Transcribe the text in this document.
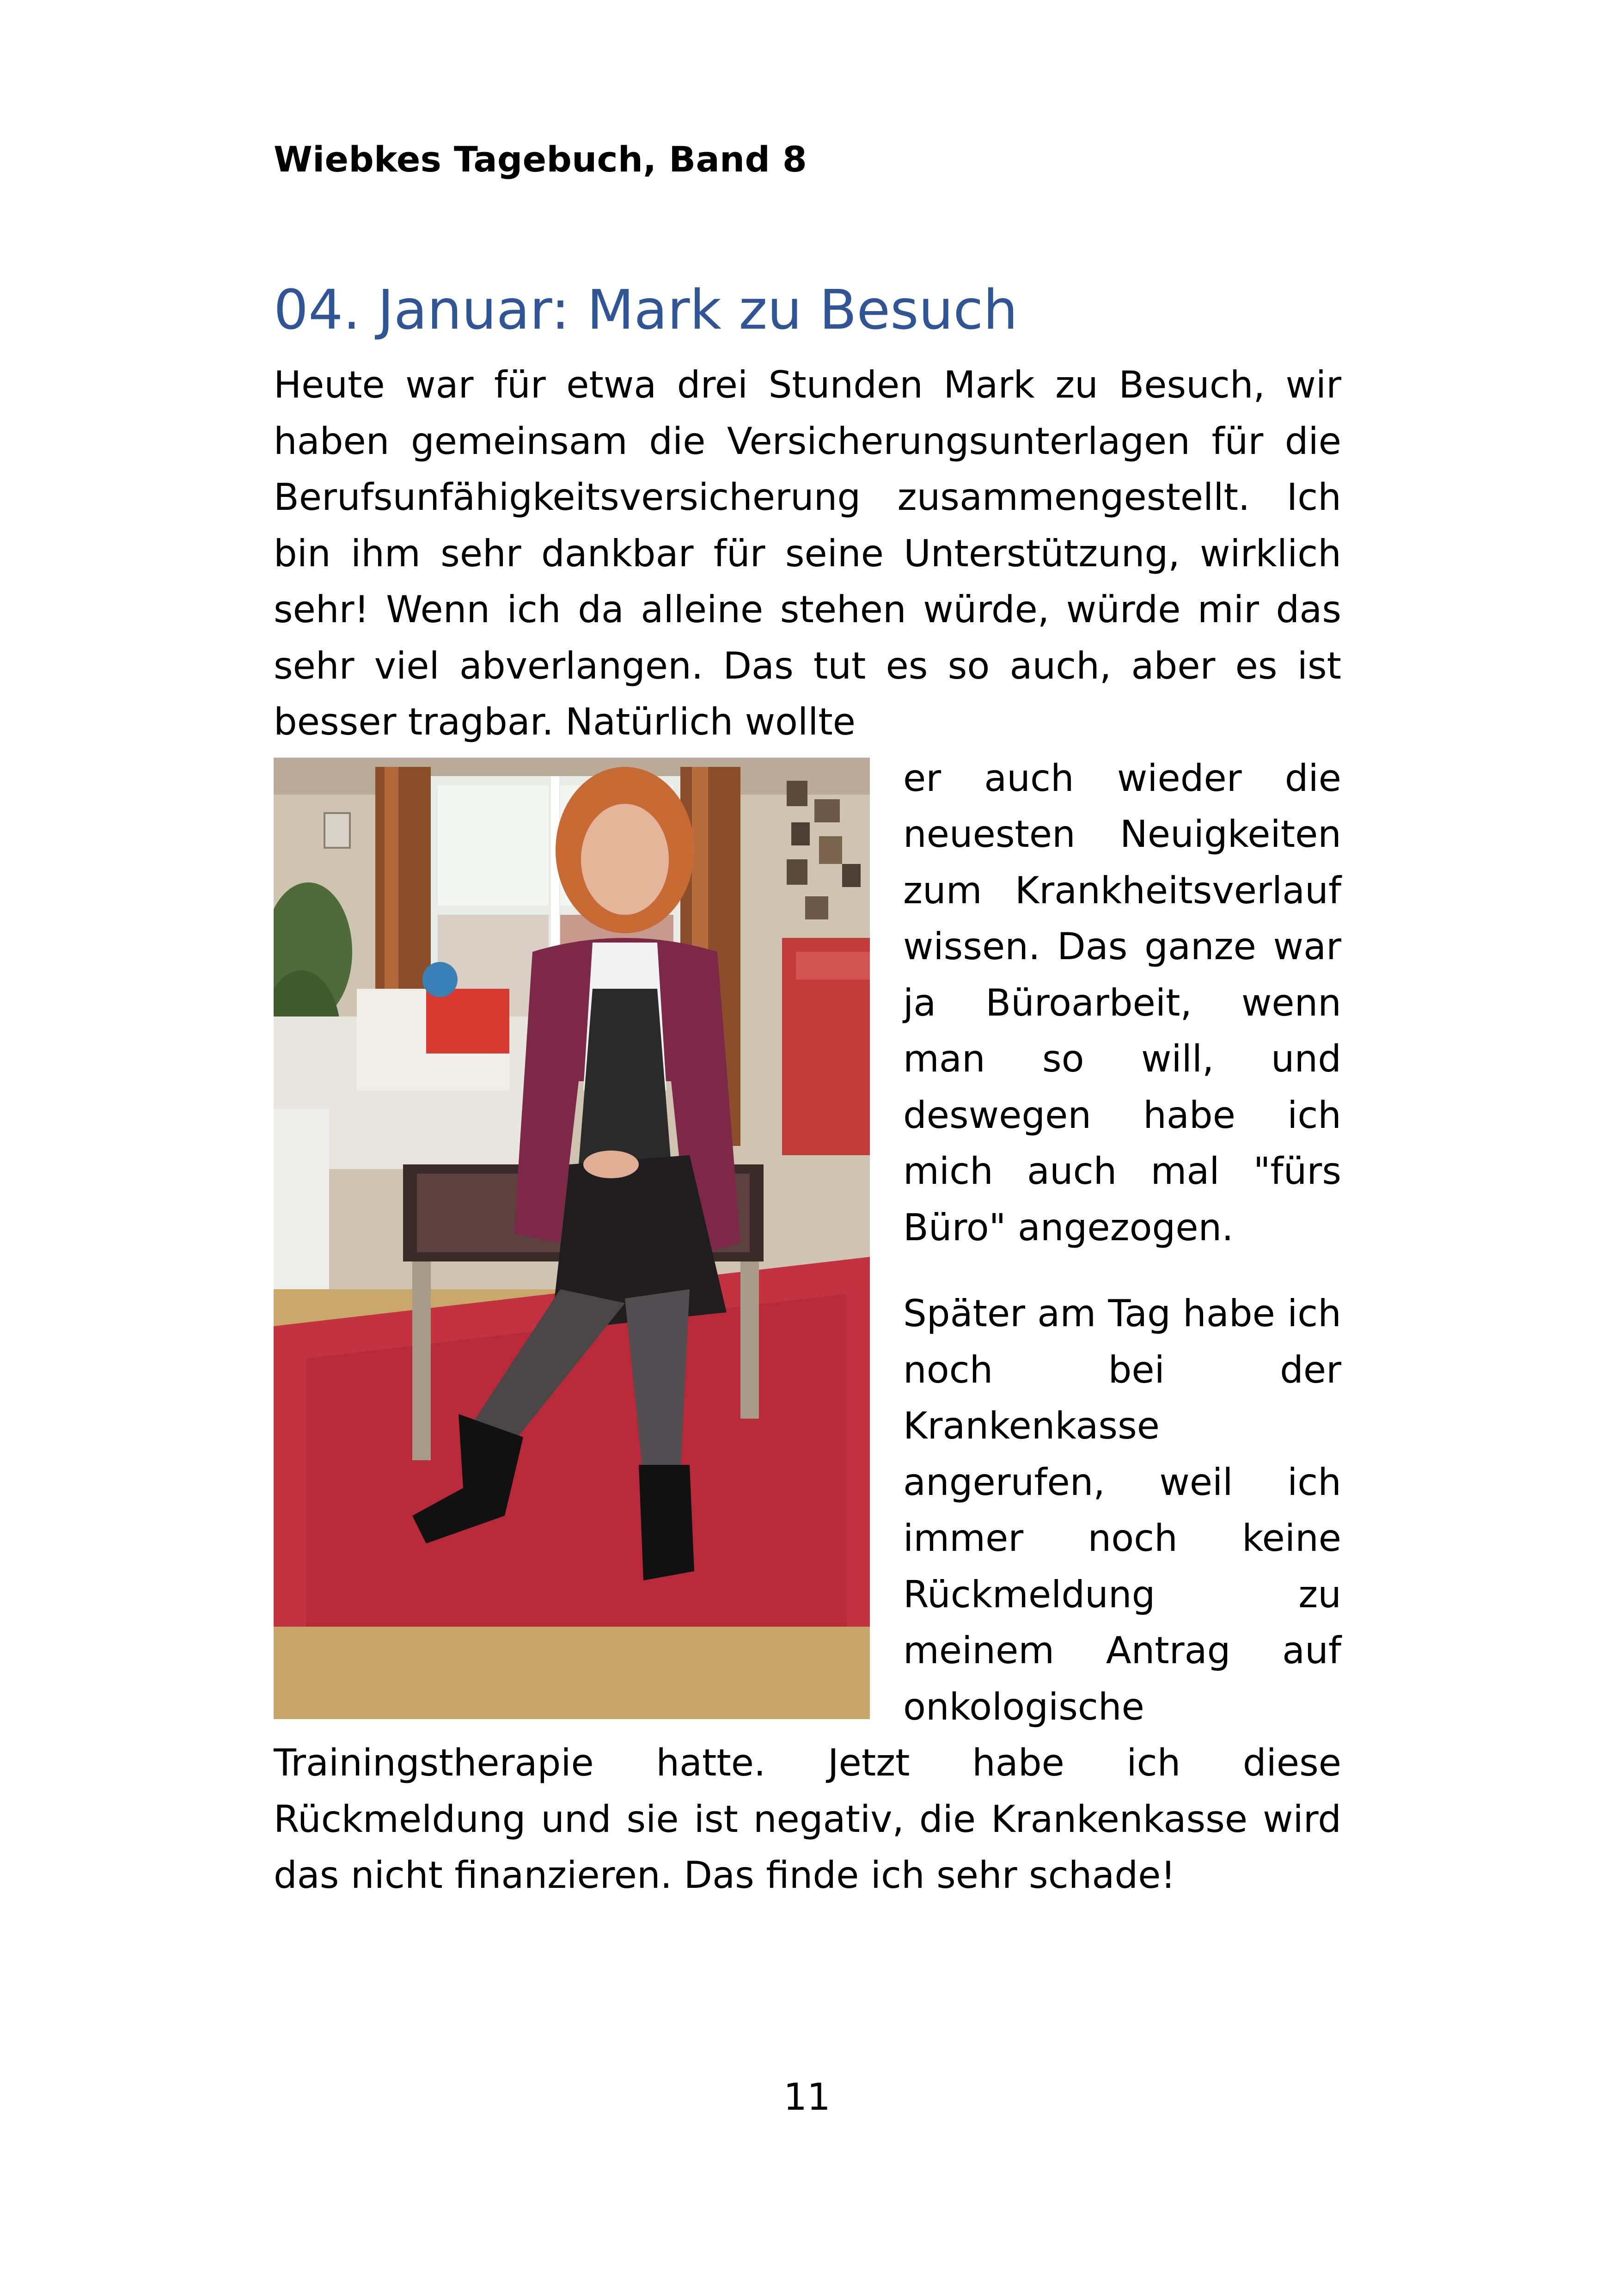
Wiebkes Tagebuch, Band 8
04. Januar: Mark zu Besuch

Heute war für etwa drei Stunden Mark zu Besuch, wir haben gemeinsam die Versicherungsunterlagen für die Berufsunfähigkeitsversicherung zusammengestellt. Ich bin ihm sehr dankbar für seine Unterstützung, wirklich sehr! Wenn ich da alleine stehen würde, würde mir das sehr viel abverlangen. Das tut es so auch, aber es ist besser tragbar. Natürlich wollte
er auch wieder die neuesten Neuigkeiten zum Krankheitsverlauf wissen. Das ganze war ja Büroarbeit, wenn man so will, und deswegen habe ich mich auch mal "fürs Büro" angezogen.

Später am Tag habe ich noch bei der Krankenkasse angerufen, weil ich immer noch keine Rückmeldung zu meinem Antrag auf onkologische Trainingstherapie hatte. Jetzt habe ich diese Rückmeldung und sie ist negativ, die Krankenkasse wird das nicht finanzieren. Das finde ich sehr schade!

11
